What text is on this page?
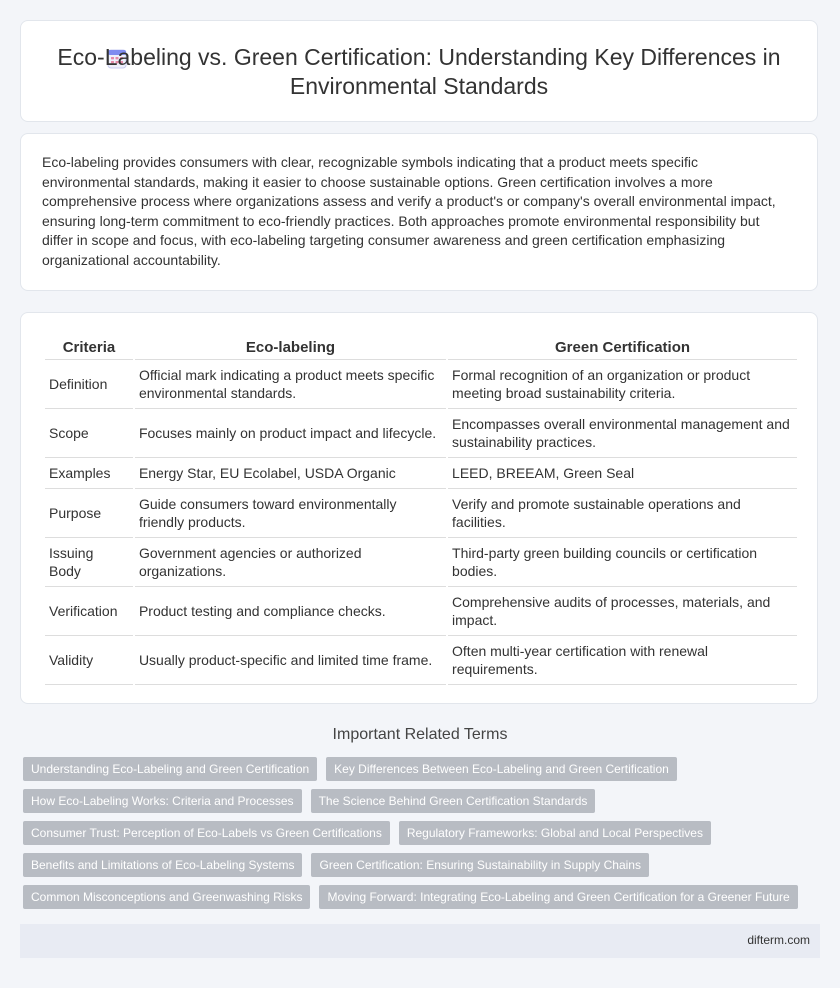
Eco-Labeling vs. Green Certification: Understanding Key Differences in Environmental Standards
Eco-labeling provides consumers with clear, recognizable symbols indicating that a product meets specific environmental standards, making it easier to choose sustainable options. Green certification involves a more comprehensive process where organizations assess and verify a product's or company's overall environmental impact, ensuring long-term commitment to eco-friendly practices. Both approaches promote environmental responsibility but differ in scope and focus, with eco-labeling targeting consumer awareness and green certification emphasizing organizational accountability.
Criteria	Eco-labeling	Green Certification
Definition	Official mark indicating a product meets specific environmental standards.	Formal recognition of an organization or product meeting broad sustainability criteria.
Scope	Focuses mainly on product impact and lifecycle.	Encompasses overall environmental management and sustainability practices.
Examples	Energy Star, EU Ecolabel, USDA Organic	LEED, BREEAM, Green Seal
Purpose	Guide consumers toward environmentally friendly products.	Verify and promote sustainable operations and facilities.
Issuing Body	Government agencies or authorized organizations.	Third-party green building councils or certification bodies.
Verification	Product testing and compliance checks.	Comprehensive audits of processes, materials, and impact.
Validity	Usually product-specific and limited time frame.	Often multi-year certification with renewal requirements.
Important Related Terms
Understanding Eco-Labeling and Green Certification	Key Differences Between Eco-Labeling and Green Certification
How Eco-Labeling Works: Criteria and Processes	The Science Behind Green Certification Standards
Consumer Trust: Perception of Eco-Labels vs Green Certifications	Regulatory Frameworks: Global and Local Perspectives
Benefits and Limitations of Eco-Labeling Systems	Green Certification: Ensuring Sustainability in Supply Chains
Common Misconceptions and Greenwashing Risks	Moving Forward: Integrating Eco-Labeling and Green Certification for a Greener Future
difterm.com
